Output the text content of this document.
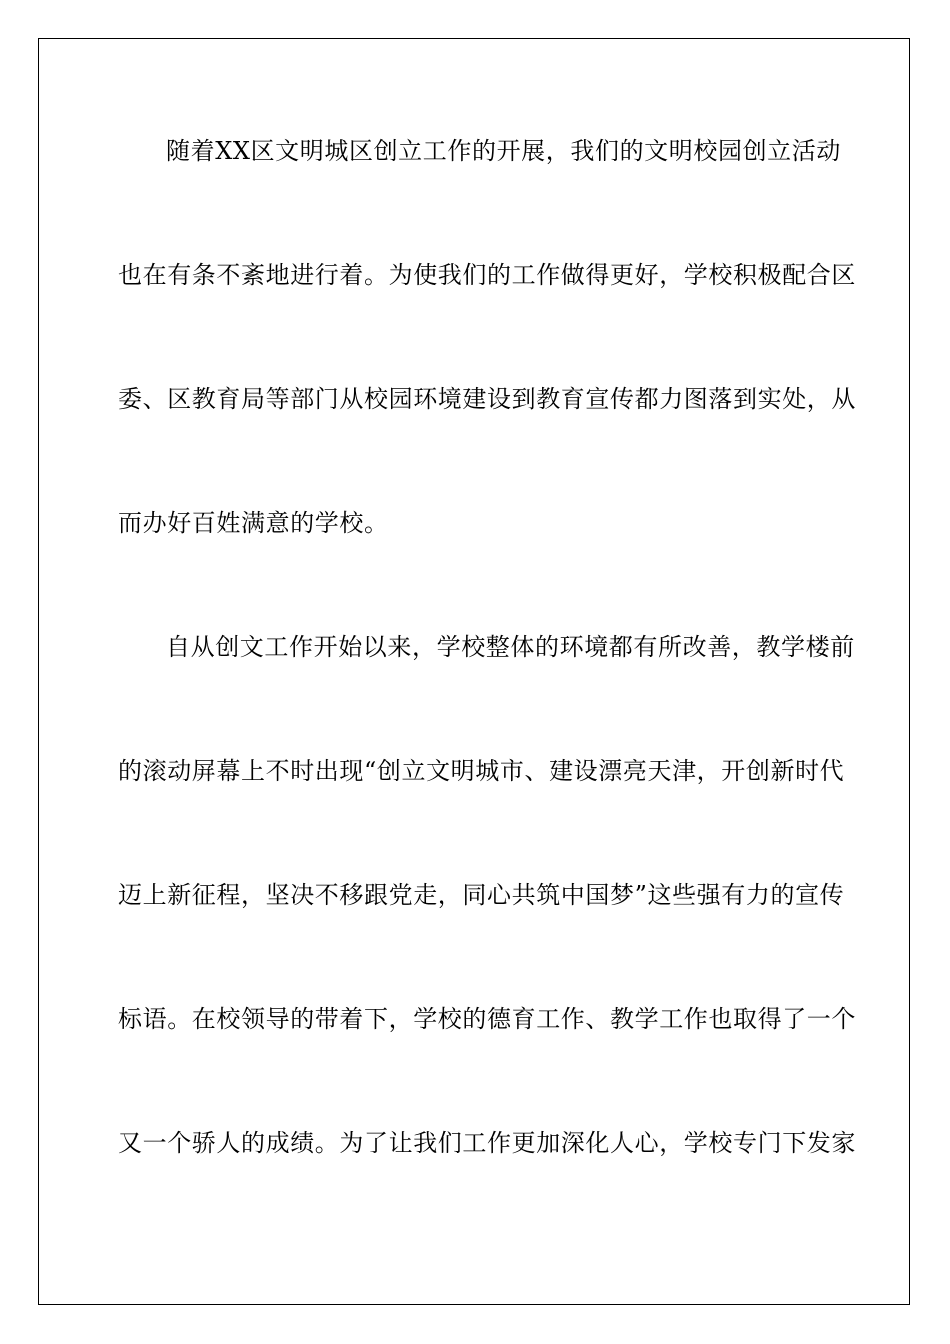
随着XX区文明城区创立工作的开展，我们的文明校园创立活动
也在有条不紊地进行着。为使我们的工作做得更好，学校积极配合区
委、区教育局等部门从校园环境建设到教育宣传都力图落到实处，从
而办好百姓满意的学校。
自从创文工作开始以来，学校整体的环境都有所改善，教学楼前
的滚动屏幕上不时出现“创立文明城市、建设漂亮天津，开创新时代
迈上新征程，坚决不移跟党走，同心共筑中国梦”这些强有力的宣传
标语。在校领导的带着下，学校的德育工作、教学工作也取得了一个
又一个骄人的成绩。为了让我们工作更加深化人心，学校专门下发家
